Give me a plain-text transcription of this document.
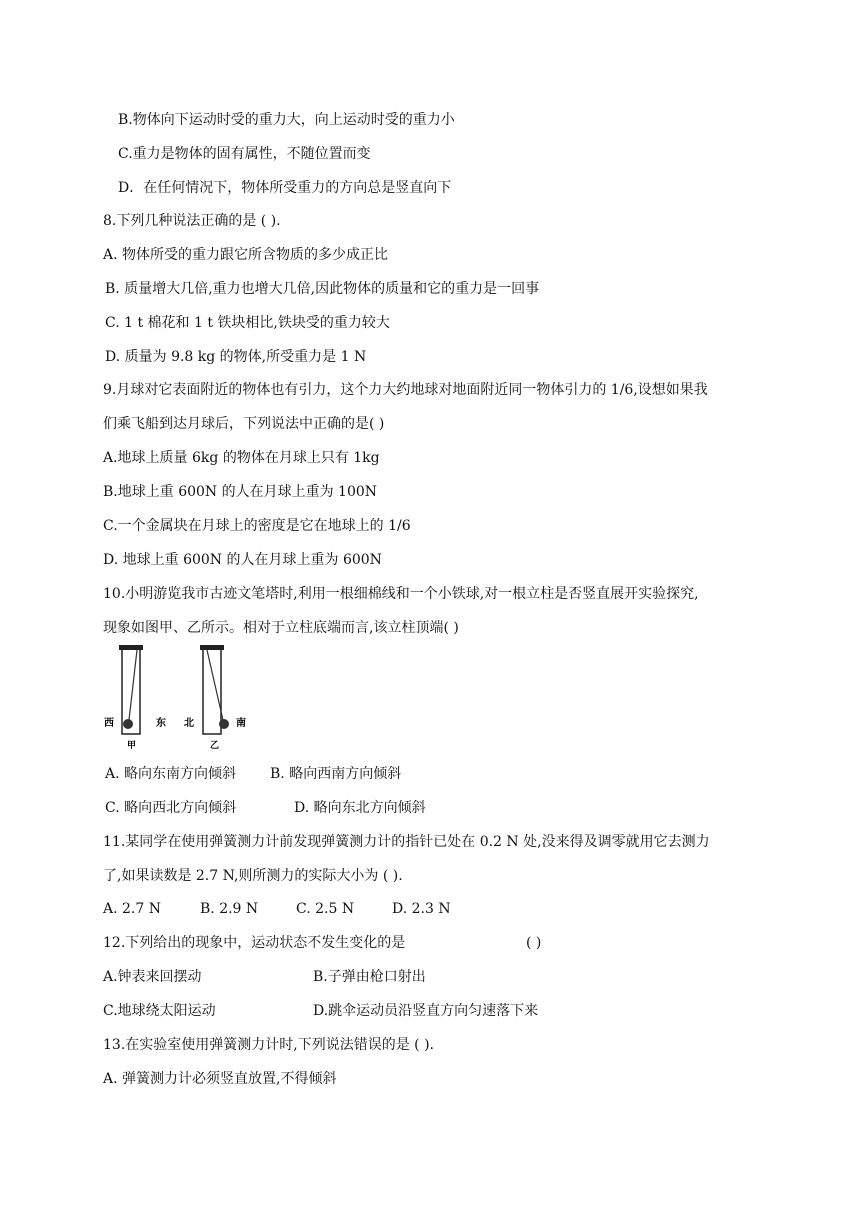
B.物体向下运动时受的重力大，向上运动时受的重力小
C.重力是物体的固有属性，不随位置而变
D．在任何情况下，物体所受重力的方向总是竖直向下
8.下列几种说法正确的是 ( ).
A. 物体所受的重力跟它所含物质的多少成正比
B. 质量增大几倍,重力也增大几倍,因此物体的质量和它的重力是一回事
C. 1 t 棉花和 1 t 铁块相比,铁块受的重力较大
D. 质量为 9.8 kg 的物体,所受重力是 1 N
9.月球对它表面附近的物体也有引力，这个力大约地球对地面附近同一物体引力的 1/6,设想如果我
们乘飞船到达月球后，下列说法中正确的是( )
A.地球上质量 6kg 的物体在月球上只有 1kg
B.地球上重 600N 的人在月球上重为 100N
C.一个金属块在月球上的密度是它在地球上的 1/6
D. 地球上重 600N 的人在月球上重为 600N
10.小明游览我市古迹文笔塔时,利用一根细棉线和一个小铁球,对一根立柱是否竖直展开实验探究,
现象如图甲、乙所示。相对于立柱底端而言,该立柱顶端( )
西	东
甲
北	南
乙
A. 略向东南方向倾斜 B. 略向西南方向倾斜
C. 略向西北方向倾斜	D. 略向东北方向倾斜
11.某同学在使用弹簧测力计前发现弹簧测力计的指针已处在 0.2 N 处,没来得及调零就用它去测力
了,如果读数是 2.7 N,则所测力的实际大小为 ( ).
A. 2.7 N	B. 2.9 N	C. 2.5 N	D. 2.3 N
12.下列给出的现象中，运动状态不发生变化的是	( )
A.钟表来回摆动	B.子弹由枪口射出
C.地球绕太阳运动	D.跳伞运动员沿竖直方向匀速落下来
13.在实验室使用弹簧测力计时,下列说法错误的是 ( ).
A. 弹簧测力计必须竖直放置,不得倾斜
